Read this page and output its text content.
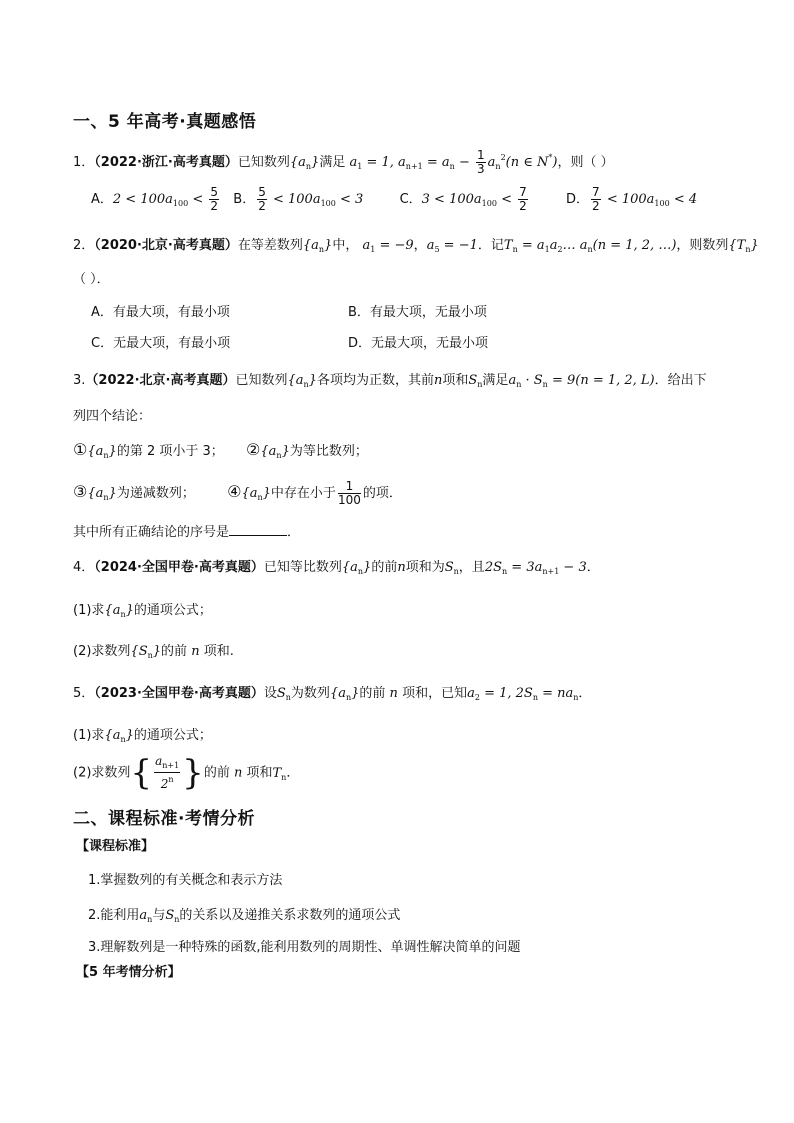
一、5 年高考·真题感悟
1．（2022·浙江·高考真题）已知数列$\{a_n\}$满足 $a_1 = 1$, $a_{n+1} = a_n - \frac{1}{3} a_n^2(n$ ∈ N*)，则（ ）
A．$2 < 100a_{100} < \frac{5}{2}$ B． $\frac{5}{2} < 100a_{100} < 3$	C．$3 < 100a_{100} < \frac{7}{2}$	D． $\frac{7}{2} < 100a_{100} < 4$
2．（2020·北京·高考真题）在等差数列$\{a_n\}$中， $a_1 = -9$，$a_5 = -1$．记$T_n$ = $a_1a_2\dots$ $a_n(n = 1$, 2, …)，则数列$\{T_n\}$
（ ）．
A．有最大项，有最小项	B．有最大项，无最小项
C．无最大项，有最小项	D．无最大项，无最小项
3.（2022·北京·高考真题）已知数列$\{a_n\}$各项均为正数，其前n项和$S_n$满足$a_n \cdot S_n = 9(n = 1$, 2, L)．给出下
列四个结论：
$①\{a_n\}$的第 2 项小于 3； $②\{a_n\}$为等比数列；
$③\{a_n\}$为递减数列； $④\{a_n\}$中存在小于 $\frac{1}{100}$ 的项．
其中所有正确结论的序号是	．
4．（2024·全国甲卷·高考真题）已知等比数列$\{a_n\}$的前n项和为$S_n$，且$2S_n = 3a_{n+1} - 3$．
(1)求$\{a_n\}$的通项公式；
(2)求数列$\{S_n\}$的前 n 项和.
5．（2023·全国甲卷·高考真题）设$S_n$为数列$\{a_n\}$的前 n 项和，已知$a_2 = 1$, $2S_n = na_n$．
(1)求$\{a_n\}$的通项公式；
(2)求数列{ $\frac{a_{n+1}}{2^n}$ }的前 n 项和$T_n$．
二、课程标准·考情分析
【课程标准】
1.掌握数列的有关概念和表示方法
2.能利用$a_n$与$S_n$的关系以及递推关系求数列的通项公式
3.理解数列是一种特殊的函数,能利用数列的周期性、单调性解决简单的问题
【5 年考情分析】
